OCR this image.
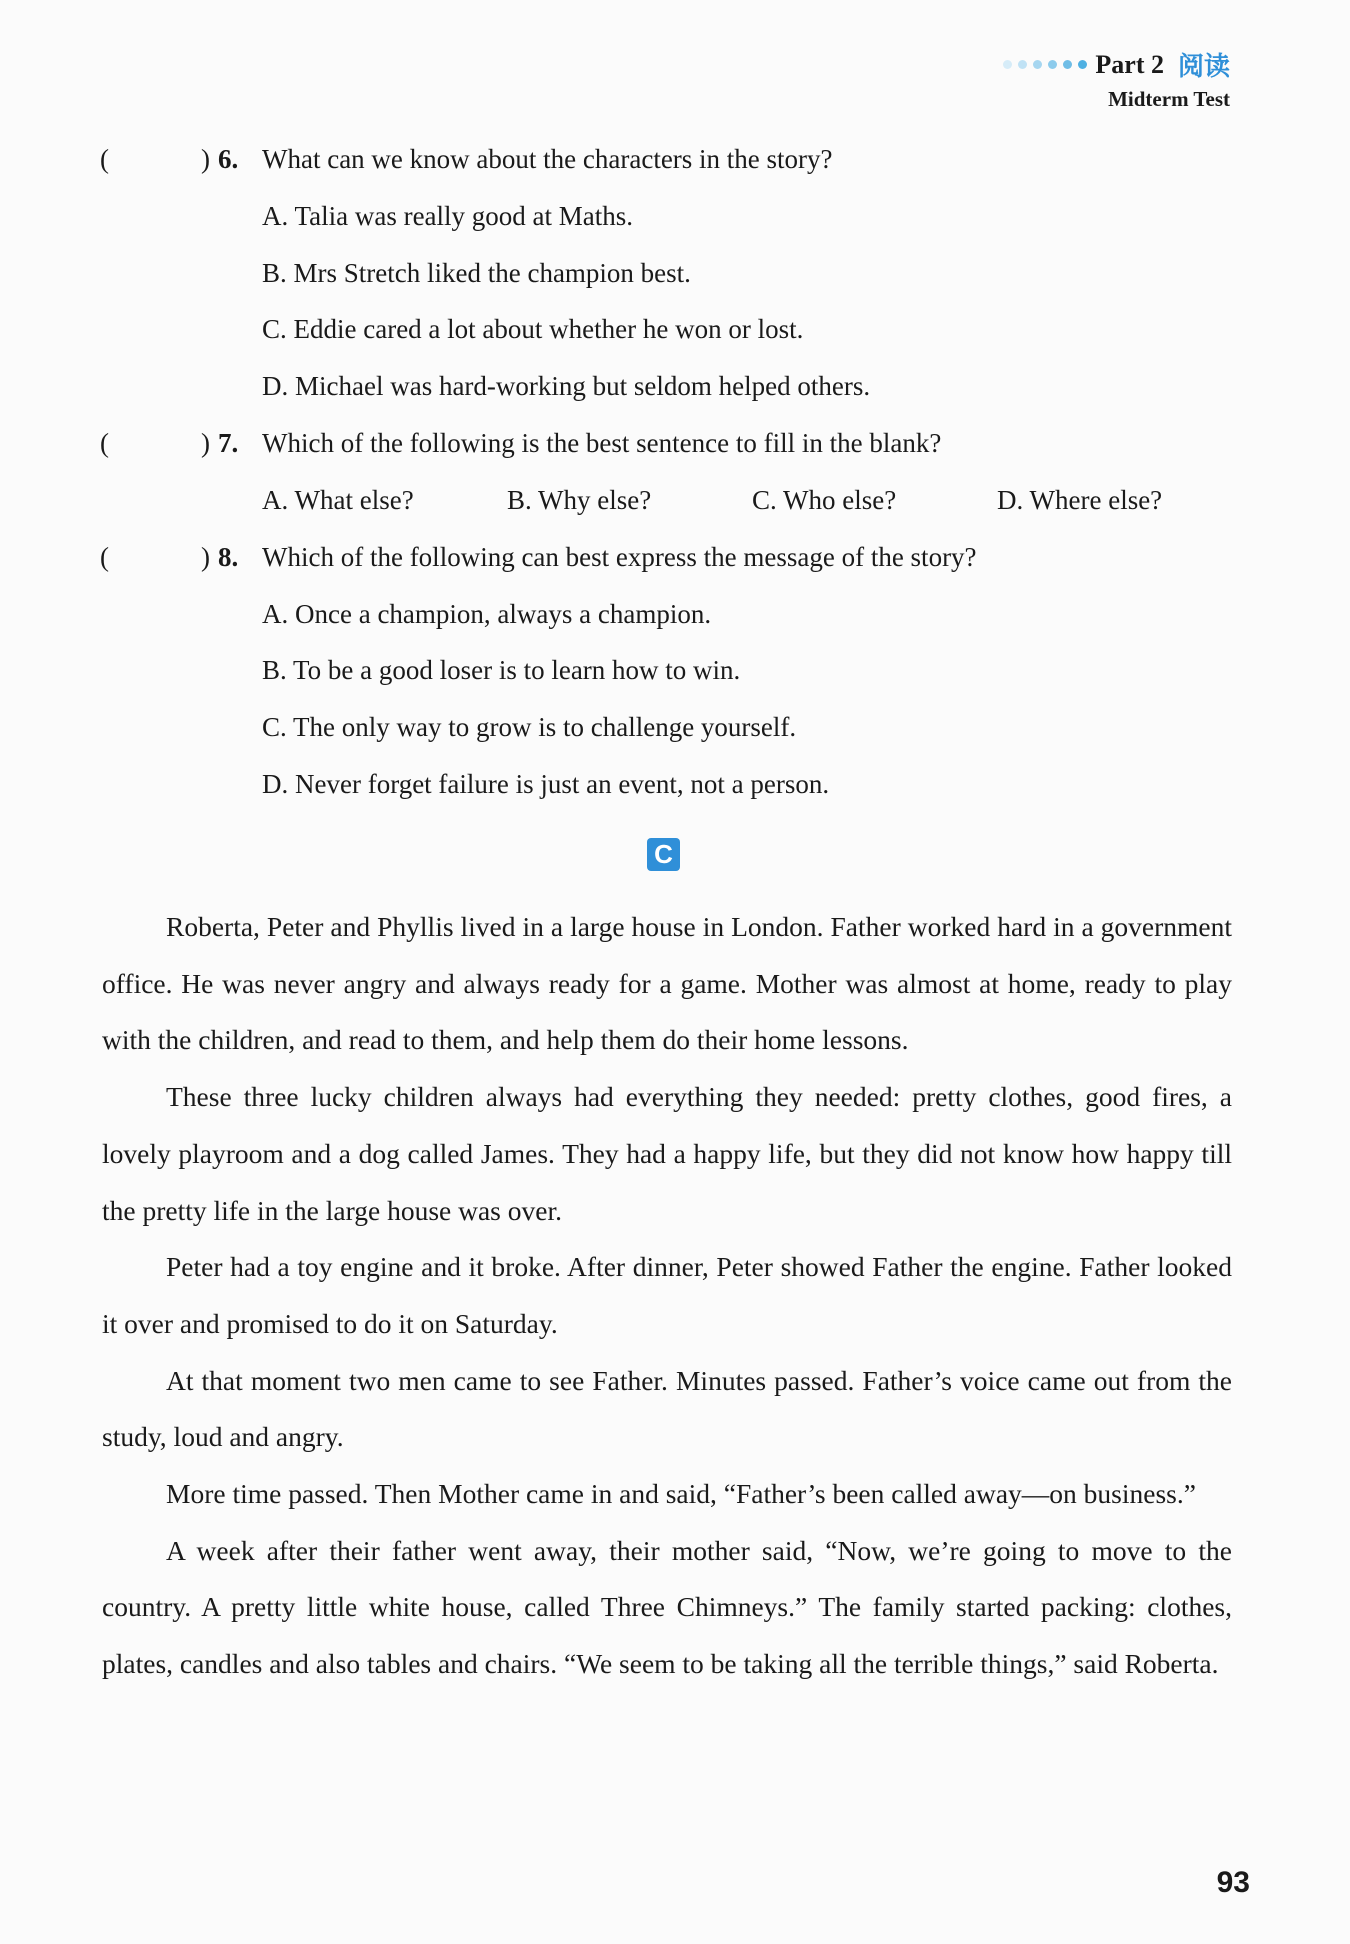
Part 2 阅读
Midterm Test
(	) 6. What can we know about the characters in the story?
A. Talia was really good at Maths.
B. Mrs Stretch liked the champion best.
C. Eddie cared a lot about whether he won or lost.
D. Michael was hard-working but seldom helped others.
(	) 7. Which of the following is the best sentence to fill in the blank?
A. What else?	B. Why else?	C. Who else?	D. Where else?
(	) 8. Which of the following can best express the message of the story?
A. Once a champion, always a champion.
B. To be a good loser is to learn how to win.
C. The only way to grow is to challenge yourself.
D. Never forget failure is just an event, not a person.
C

Roberta, Peter and Phyllis lived in a large house in London. Father worked hard in a government office. He was never angry and always ready for a game. Mother was almost at home, ready to play with the children, and read to them, and help them do their home lessons.

These three lucky children always had everything they needed: pretty clothes, good fires, a lovely playroom and a dog called James. They had a happy life, but they did not know how happy till the pretty life in the large house was over.

Peter had a toy engine and it broke. After dinner, Peter showed Father the engine. Father looked it over and promised to do it on Saturday.

At that moment two men came to see Father. Minutes passed. Father’s voice came out from the study, loud and angry.

More time passed. Then Mother came in and said, “Father’s been called away—on business.”

A week after their father went away, their mother said, “Now, we’re going to move to the country. A pretty little white house, called Three Chimneys.” The family started packing: clothes, plates, candles and also tables and chairs. “We seem to be taking all the terrible things,” said Roberta.

93
